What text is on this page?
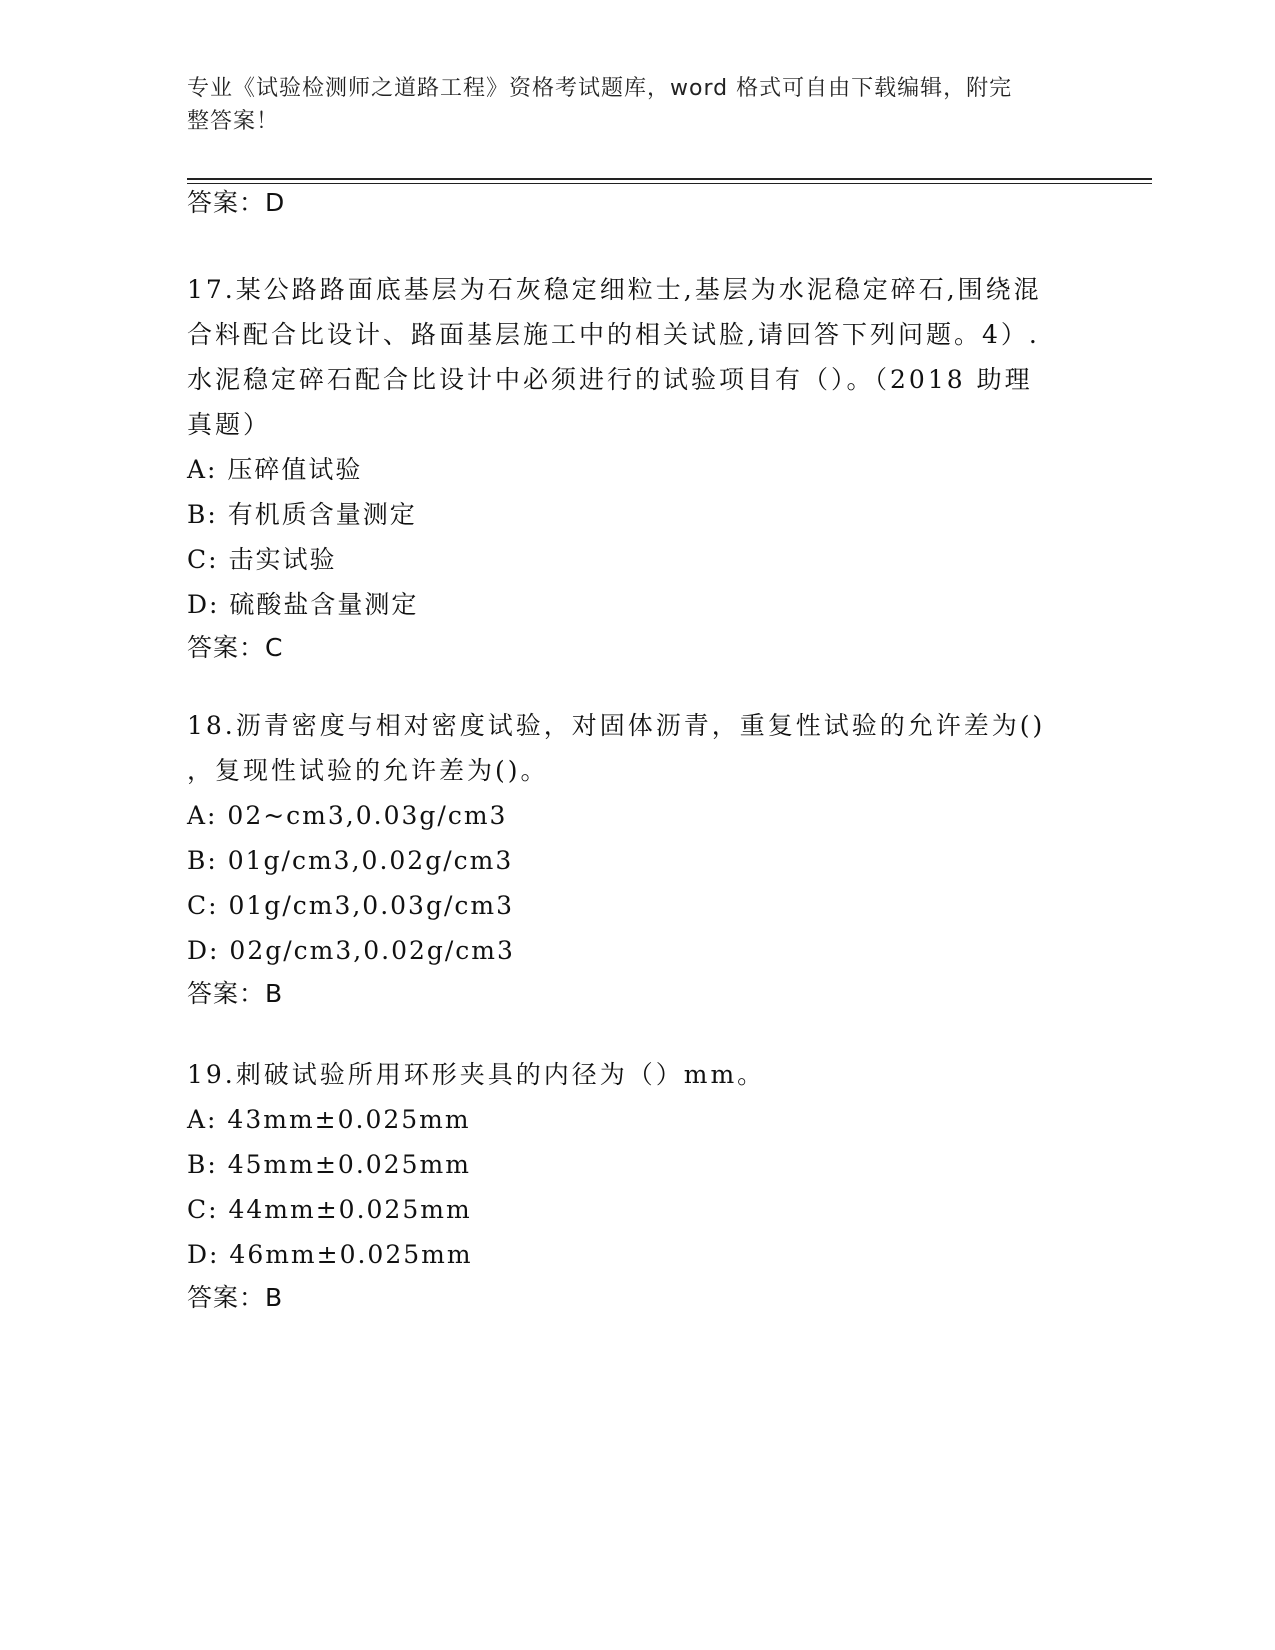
专业《试验检测师之道路工程》资格考试题库，word 格式可自由下载编辑，附完
整答案！
答案：D
17.某公路路面底基层为石灰稳定细粒士,基层为水泥稳定碎石,围绕混
合料配合比设计、路面基层施工中的相关试脸,请回答下列问题。4）.
水泥稳定碎石配合比设计中必须进行的试验项目有（）。（2018 助理
真题）
A: 压碎值试验
B: 有机质含量测定
C: 击实试验
D: 硫酸盐含量测定
答案：C
18.沥青密度与相对密度试验，对固体沥青，重复性试验的允许差为()
，复现性试验的允许差为()。
A: 02~cm3,0.03g/cm3
B: 01g/cm3,0.02g/cm3
C: 01g/cm3,0.03g/cm3
D: 02g/cm3,0.02g/cm3
答案：B
19.刺破试验所用环形夹具的内径为（）mm。
A: 43mm±0.025mm
B: 45mm±0.025mm
C: 44mm±0.025mm
D: 46mm±0.025mm
答案：B
